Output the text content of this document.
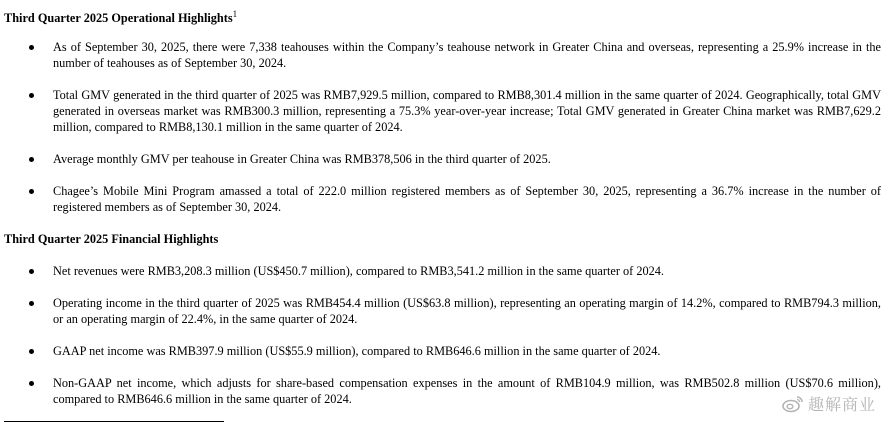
Third Quarter 2025 Operational Highlights$^1$
As of September 30, 2025, there were 7,338 teahouses within the Company’s teahouse network in Greater China and overseas, representing a 25.9% increase in the number of teahouses as of September 30, 2024.
Total GMV generated in the third quarter of 2025 was RMB7,929.5 million, compared to RMB8,301.4 million in the same quarter of 2024. Geographically, total GMV generated in overseas market was RMB300.3 million, representing a 75.3% year-over-year increase; Total GMV generated in Greater China market was RMB7,629.2 million, compared to RMB8,130.1 million in the same quarter of 2024.
Average monthly GMV per teahouse in Greater China was RMB378,506 in the third quarter of 2025.
Chagee’s Mobile Mini Program amassed a total of 222.0 million registered members as of September 30, 2025, representing a 36.7% increase in the number of registered members as of September 30, 2024.
Third Quarter 2025 Financial Highlights
Net revenues were RMB3,208.3 million (US$450.7 million), compared to RMB3,541.2 million in the same quarter of 2024.
Operating income in the third quarter of 2025 was RMB454.4 million (US$63.8 million), representing an operating margin of 14.2%, compared to RMB794.3 million, or an operating margin of 22.4%, in the same quarter of 2024.
GAAP net income was RMB397.9 million (US$55.9 million), compared to RMB646.6 million in the same quarter of 2024.
Non-GAAP net income, which adjusts for share-based compensation expenses in the amount of RMB104.9 million, was RMB502.8 million (US$70.6 million), compared to RMB646.6 million in the same quarter of 2024.	趣解商业
